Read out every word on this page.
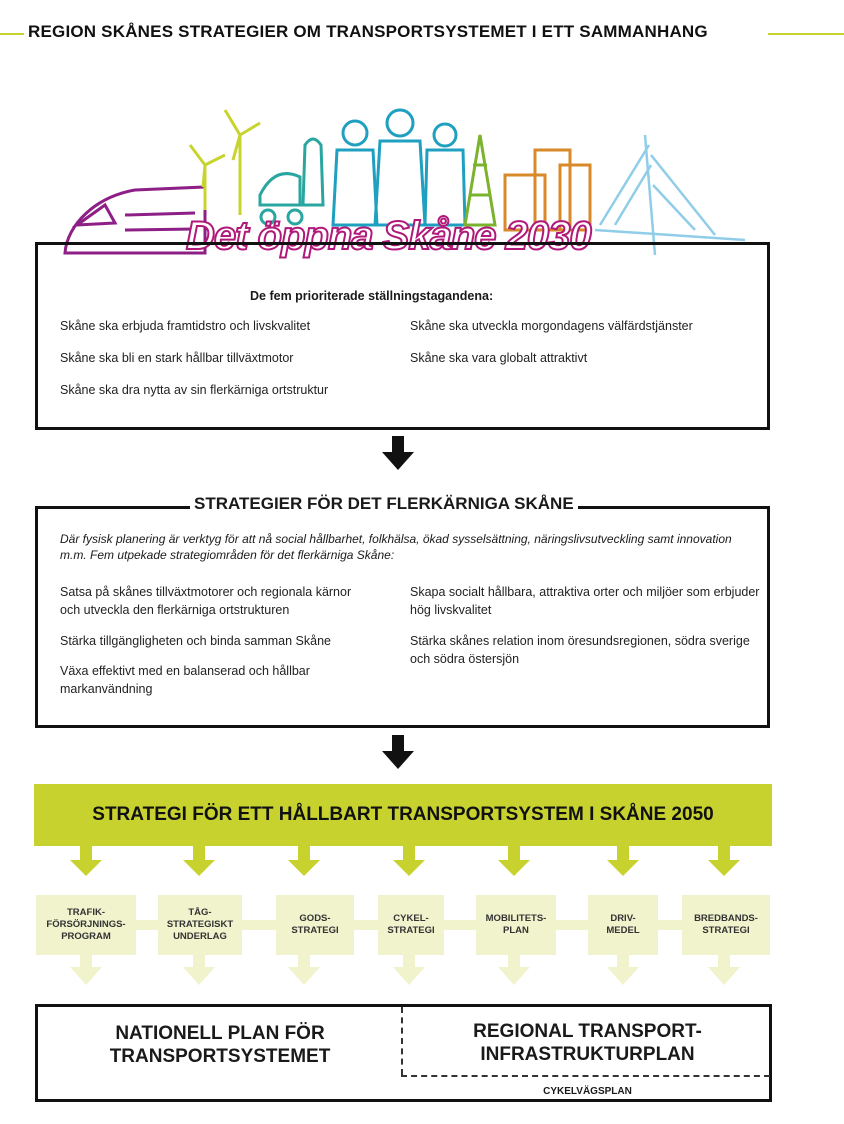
REGION SKÅNES STRATEGIER OM TRANSPORTSYSTEMET I ETT SAMMANHANG
Det öppna Skåne 2030
De fem prioriterade ställningstagandena:
Skåne ska erbjuda framtidstro och livskvalitet
Skåne ska bli en stark hållbar tillväxtmotor
Skåne ska dra nytta av sin flerkärniga ortstruktur
Skåne ska utveckla morgondagens välfärdstjänster
Skåne ska vara globalt attraktivt
STRATEGIER FÖR DET FLERKÄRNIGA SKÅNE
Där fysisk planering är verktyg för att nå social hållbarhet, folkhälsa, ökad sysselsättning, näringslivsutveckling samt innovation m.m. Fem utpekade strategiområden för det flerkärniga Skåne:
Satsa på skånes tillväxtmotorer och regionala kärnor och utveckla den flerkärniga ortstrukturen
Stärka tillgängligheten och binda samman Skåne
Växa effektivt med en balanserad och hållbar markanvändning
Skapa socialt hållbara, attraktiva orter och miljöer som erbjuder hög livskvalitet
Stärka skånes relation inom öresundsregionen, södra sverige och södra östersjön
STRATEGI FÖR ETT HÅLLBART TRANSPORTSYSTEM I SKÅNE 2050
TRAFIK-
FÖRSÖRJNINGS-
PROGRAM
TÅG-
STRATEGISKT
UNDERLAG
GODS-
STRATEGI
CYKEL-
STRATEGI
MOBILITETS-
PLAN
DRIV-
MEDEL
BREDBANDS-
STRATEGI
NATIONELL PLAN FÖR
TRANSPORTSYSTEMET
REGIONAL TRANSPORT-
INFRASTRUKTURPLAN
CYKELVÄGSPLAN
